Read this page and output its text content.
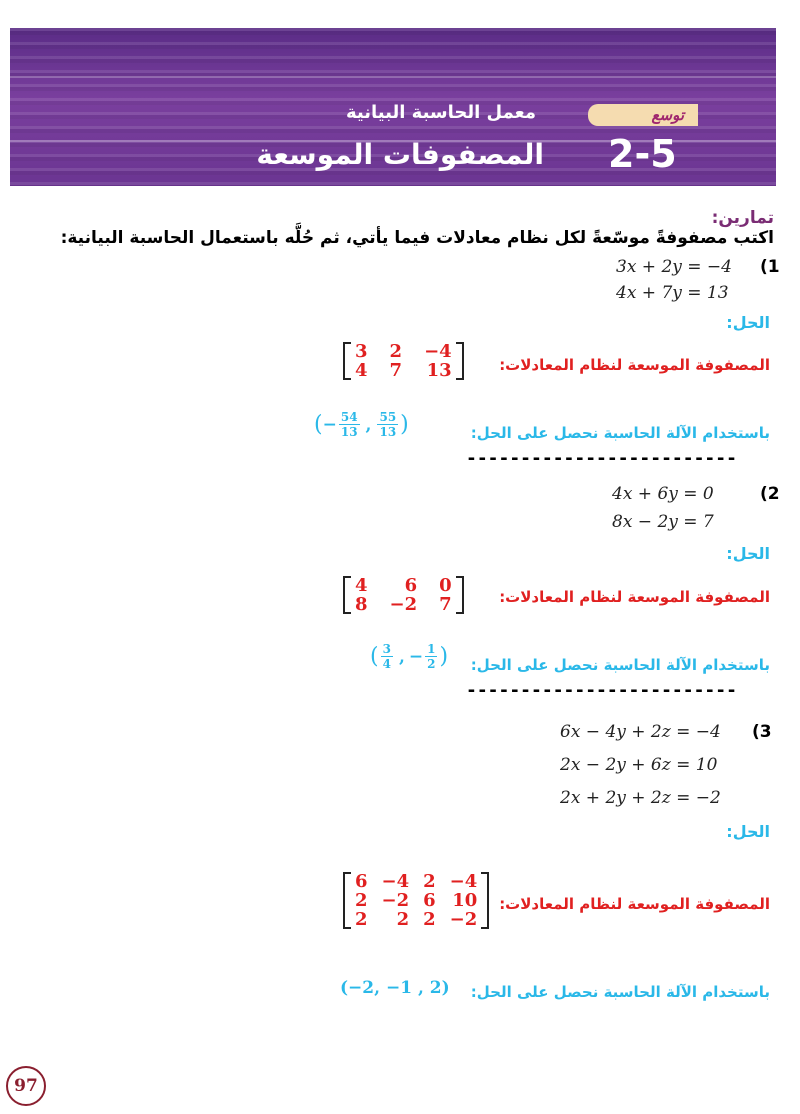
توسع
معمل الحاسبة البيانية
2-5
المصفوفات الموسعة
تمارين:
اكتب مصفوفةً موسّعةً لكل نظام معادلات فيما يأتي، ثم حُلَّه باستعمال الحاسبة البيانية:
3x + 2y = −4 (1
4x + 7y = 13
الحل:
المصفوفة الموسعة لنظام المعادلات:
3 2 −4
4 7 13
باستخدام الآلة الحاسبة نحصل على الحل:
( − $\frac{54}{13}$ , $\frac{55}{13}$ )
-------------------------
4x + 6y = 0	(2
8x − 2y = 7
الحل:
المصفوفة الموسعة لنظام المعادلات:
4	6 0
8 −2 7
باستخدام الآلة الحاسبة نحصل على الحل:
( $\frac{3}{4}$ , − $\frac{1}{2}$ )
-------------------------
6x − 4y + 2z = −4 (3
2x − 2y + 6z = 10
2x + 2y + 2z = −2
الحل:
المصفوفة الموسعة لنظام المعادلات:
6 −4 2 −4
2 −2 6 10
2	2 2 −2
باستخدام الآلة الحاسبة نحصل على الحل:
(−2, −1 , 2)
97
